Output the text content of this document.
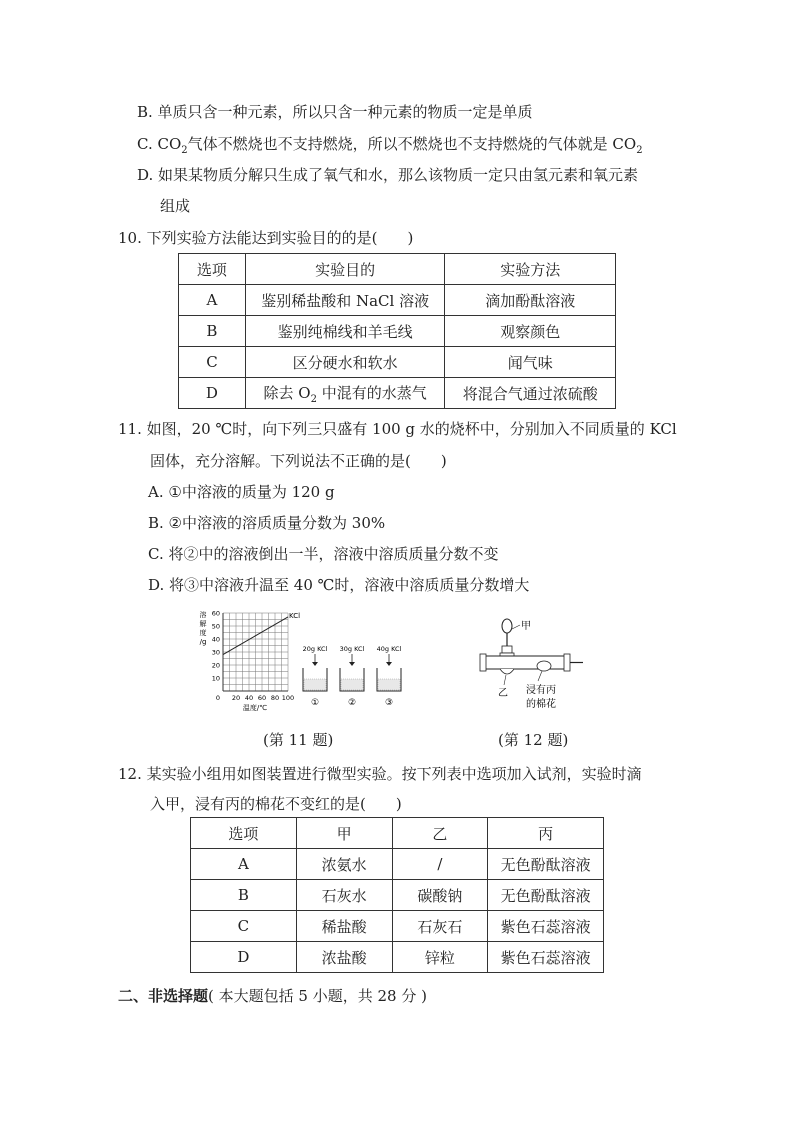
B. 单质只含一种元素，所以只含一种元素的物质一定是单质
C. $CO_2$气体不燃烧也不支持燃烧，所以不燃烧也不支持燃烧的气体就是 $CO_2$
D. 如果某物质分解只生成了氧气和水，那么该物质一定只由氢元素和氧元素
组成
10. 下列实验方法能达到实验目的的是(　　)
选项	实验目的	实验方法
A	鉴别稀盐酸和 NaCl 溶液	滴加酚酞溶液
B	鉴别纯棉线和羊毛线	观察颜色
C	区分硬水和软水	闻气味
D	除去 $O_2$ 中混有的水蒸气	将混合气通过浓硫酸
11. 如图，20 ℃时，向下列三只盛有 100 g 水的烧杯中，分别加入不同质量的 KCl
固体，充分溶解。下列说法不正确的是(　　)
A. ①中溶液的质量为 120 g
B. ②中溶液的溶质质量分数为 30%
C. 将②中的溶液倒出一半，溶液中溶质质量分数不变
D. 将③中溶液升温至 40 ℃时，溶液中溶质质量分数增大
KCl
溶
解
度
/g
60
50
40
30
20
10
0 20 40 60 80 100
温度/℃
20g KCl
①
30g KCl
②
40g KCl
③
甲
乙 浸有丙
的棉花
(第 11 题)	(第 12 题)
12. 某实验小组用如图装置进行微型实验。按下列表中选项加入试剂，实验时滴
入甲，浸有丙的棉花不变红的是(　　)
选项	甲	乙	丙
A	浓氨水	/	无色酚酞溶液
B	石灰水	碳酸钠	无色酚酞溶液
C	稀盐酸	石灰石	紫色石蕊溶液
D	浓盐酸	锌粒	紫色石蕊溶液
二、非选择题( 本大题包括 5 小题，共 28 分 )
